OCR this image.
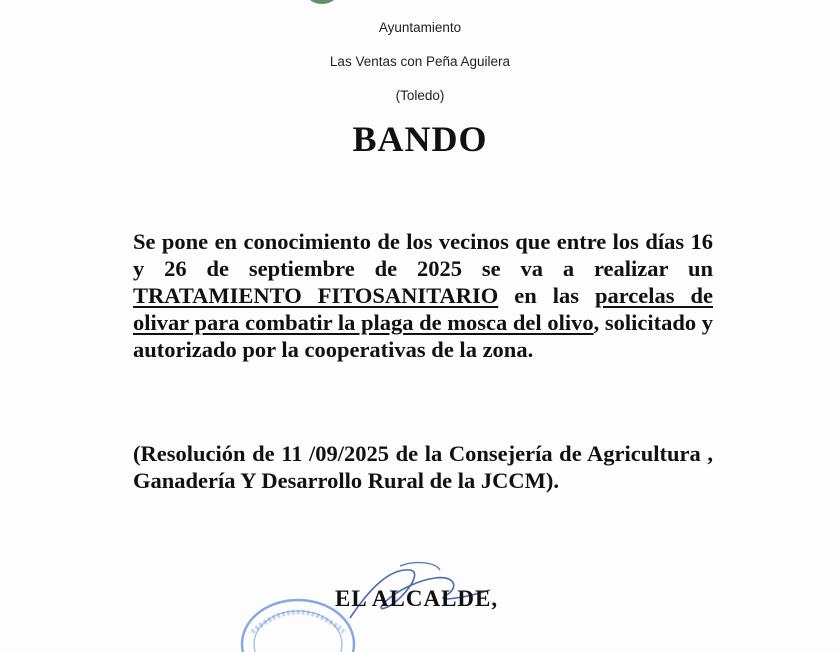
Ayuntamiento
Las Ventas con Peña Aguilera
(Toledo)
BANDO
Se pone en conocimiento de los vecinos que entre los días 16 y 26 de septiembre de 2025 se va a realizar un TRATAMIENTO FITOSANITARIO en las parcelas de olivar para combatir la plaga de mosca del olivo, solicitado y autorizado por la cooperativas de la zona.
(Resolución de 11 /09/2025 de la Consejería de Agricultura , Ganadería Y Desarrollo Rural de la JCCM).
EL ALCALDE,
